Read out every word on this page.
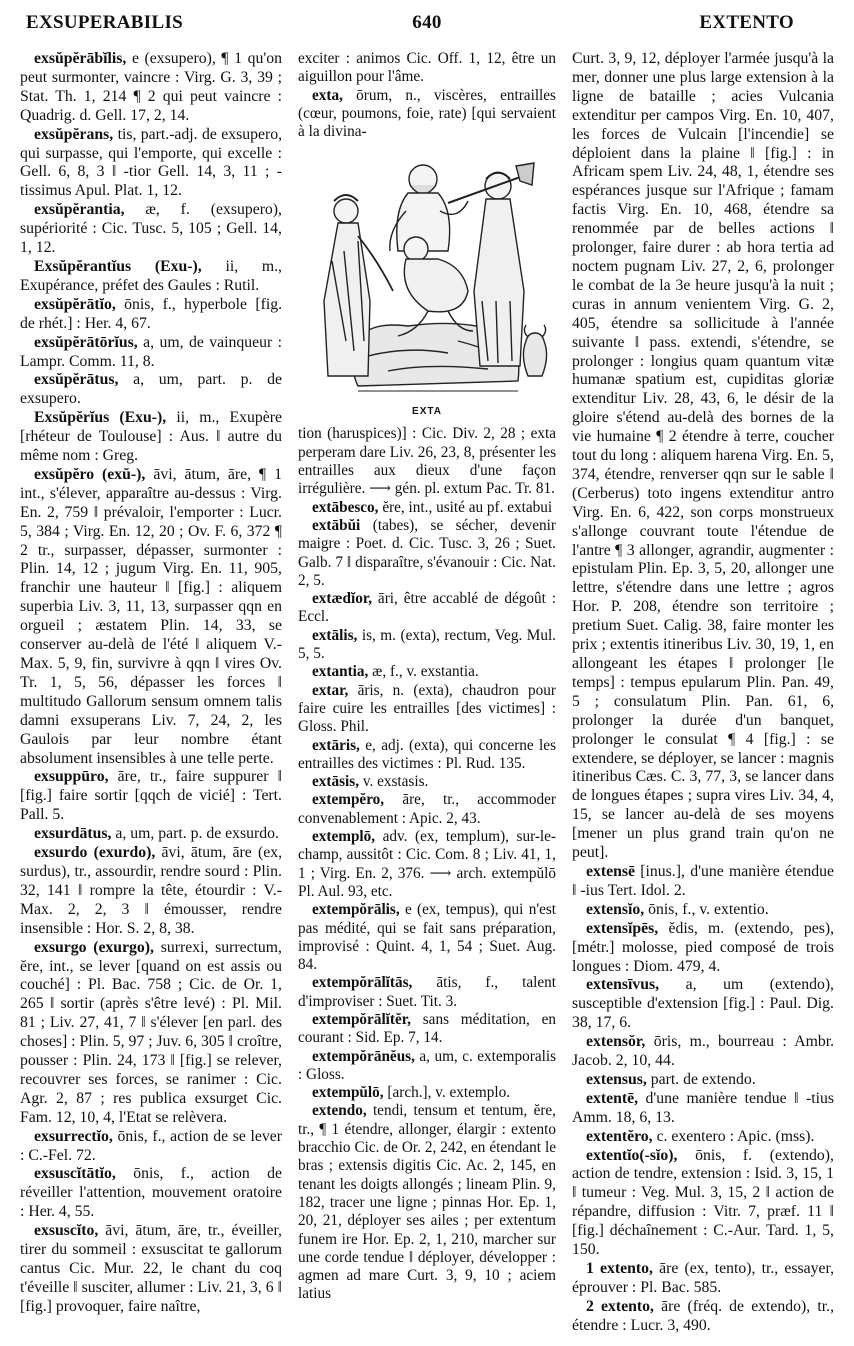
EXSUPERABILIS	640	EXTENTO
exsŭpĕrābĭlis, e (exsupero), ¶ 1 qu'on peut surmonter, vaincre : Virg. G. 3, 39 ; Stat. Th. 1, 214 ¶ 2 qui peut vaincre : Quadrig. d. Gell. 17, 2, 14.
exsŭpĕrans, tis, part.-adj. de exsupero, qui surpasse, qui l'emporte, qui excelle : Gell. 6, 8, 3 ‖ -tior Gell. 14, 3, 11 ; -tissimus Apul. Plat. 1, 12.
exsŭpĕrantia, æ, f. (exsupero), supériorité : Cic. Tusc. 5, 105 ; Gell. 14, 1, 12.
Exsŭpĕrantĭus (Exu-), ii, m., Exupérance, préfet des Gaules : Rutil.
exsŭpĕrātĭo, ōnis, f., hyperbole [fig. de rhét.] : Her. 4, 67.
exsŭpĕrātōrĭus, a, um, de vainqueur : Lampr. Comm. 11, 8.
exsŭpĕrātus, a, um, part. p. de exsupero.
Exsŭpĕrĭus (Exu-), ii, m., Exupère [rhéteur de Toulouse] : Aus. ‖ autre du même nom : Greg.
exsŭpĕro (exŭ-), āvi, ātum, āre, ¶ 1 int., s'élever, apparaître au-dessus : Virg. En. 2, 759 ‖ prévaloir, l'emporter : Lucr. 5, 384 ; Virg. En. 12, 20 ; Ov. F. 6, 372 ¶ 2 tr., surpasser, dépasser, surmonter : Plin. 14, 12 ; jugum Virg. En. 11, 905, franchir une hauteur ‖ [fig.] : aliquem superbia Liv. 3, 11, 13, surpasser qqn en orgueil ; æstatem Plin. 14, 33, se conserver au-delà de l'été ‖ aliquem V.-Max. 5, 9, fin, survivre à qqn ‖ vires Ov. Tr. 1, 5, 56, dépasser les forces ‖ multitudo Gallorum sensum omnem talis damni exsuperans Liv. 7, 24, 2, les Gaulois par leur nombre étant absolument insensibles à une telle perte.
exsuppūro, āre, tr., faire suppurer ‖ [fig.] faire sortir [qqch de vicié] : Tert. Pall. 5.
exsurdātus, a, um, part. p. de exsurdo.
exsurdo (exurdo), āvi, ātum, āre (ex, surdus), tr., assourdir, rendre sourd : Plin. 32, 141 ‖ rompre la tête, étourdir : V.-Max. 2, 2, 3 ‖ émousser, rendre insensible : Hor. S. 2, 8, 38.
exsurgo (exurgo), surrexi, surrectum, ĕre, int., se lever [quand on est assis ou couché] : Pl. Bac. 758 ; Cic. de Or. 1, 265 ‖ sortir (après s'être levé) : Pl. Mil. 81 ; Liv. 27, 41, 7 ‖ s'élever [en parl. des choses] : Plin. 5, 97 ; Juv. 6, 305 ‖ croître, pousser : Plin. 24, 173 ‖ [fig.] se relever, recouvrer ses forces, se ranimer : Cic. Agr. 2, 87 ; res publica exsurget Cic. Fam. 12, 10, 4, l'Etat se relèvera.
exsurrectĭo, ōnis, f., action de se lever : C.-Fel. 72.
exsuscĭtātĭo, ōnis, f., action de réveiller l'attention, mouvement oratoire : Her. 4, 55.
exsuscĭto, āvi, ātum, āre, tr., éveiller, tirer du sommeil : exsuscitat te gallorum cantus Cic. Mur. 22, le chant du coq t'éveille ‖ susciter, allumer : Liv. 21, 3, 6 ‖ [fig.] provoquer, faire naître,
exciter : animos Cic. Off. 1, 12, être un aiguillon pour l'âme.
exta, ōrum, n., viscères, entrailles (cœur, poumons, foie, rate) [qui servaient à la divina-
EXTA
tion (haruspices)] : Cic. Div. 2, 28 ; exta perperam dare Liv. 26, 23, 8, présenter les entrailles aux dieux d'une façon irrégulière. ⟶ gén. pl. extum Pac. Tr. 81.
extābesco, ĕre, int., usité au pf. extabui
extābŭi (tabes), se sécher, devenir maigre : Poet. d. Cic. Tusc. 3, 26 ; Suet. Galb. 7 ‖ disparaître, s'évanouir : Cic. Nat. 2, 5.
extædĭor, āri, être accablé de dégoût : Eccl.
extālis, is, m. (exta), rectum, Veg. Mul. 5, 5.
extantia, æ, f., v. exstantia.
extar, āris, n. (exta), chaudron pour faire cuire les entrailles [des victimes] : Gloss. Phil.
extāris, e, adj. (exta), qui concerne les entrailles des victimes : Pl. Rud. 135.
extāsis, v. exstasis.
extempĕro, āre, tr., accommoder convenablement : Apic. 2, 43.
extemplō, adv. (ex, templum), sur-le-champ, aussitôt : Cic. Com. 8 ; Liv. 41, 1, 1 ; Virg. En. 2, 376. ⟶ arch. extempŭlō Pl. Aul. 93, etc.
extempŏrālis, e (ex, tempus), qui n'est pas médité, qui se fait sans préparation, improvisé : Quint. 4, 1, 54 ; Suet. Aug. 84.
extempŏrālĭtās, ātis, f., talent d'improviser : Suet. Tit. 3.
extempŏrālĭtĕr, sans méditation, en courant : Sid. Ep. 7, 14.
extempŏrānĕus, a, um, c. extemporalis : Gloss.
extempŭlō, [arch.], v. extemplo.
extendo, tendi, tensum et tentum, ĕre, tr., ¶ 1 étendre, allonger, élargir : extento bracchio Cic. de Or. 2, 242, en étendant le bras ; extensis digitis Cic. Ac. 2, 145, en tenant les doigts allongés ; lineam Plin. 9, 182, tracer une ligne ; pinnas Hor. Ep. 1, 20, 21, déployer ses ailes ; per extentum funem ire Hor. Ep. 2, 1, 210, marcher sur une corde tendue ‖ déployer, développer : agmen ad mare Curt. 3, 9, 10 ; aciem latius
Curt. 3, 9, 12, déployer l'armée jusqu'à la mer, donner une plus large extension à la ligne de bataille ; acies Vulcania extenditur per campos Virg. En. 10, 407, les forces de Vulcain [l'incendie] se déploient dans la plaine ‖ [fig.] : in Africam spem Liv. 24, 48, 1, étendre ses espérances jusque sur l'Afrique ; famam factis Virg. En. 10, 468, étendre sa renommée par de belles actions ‖ prolonger, faire durer : ab hora tertia ad noctem pugnam Liv. 27, 2, 6, prolonger le combat de la 3e heure jusqu'à la nuit ; curas in annum venientem Virg. G. 2, 405, étendre sa sollicitude à l'année suivante ‖ pass. extendi, s'étendre, se prolonger : longius quam quantum vitæ humanæ spatium est, cupiditas gloriæ extenditur Liv. 28, 43, 6, le désir de la gloire s'étend au-delà des bornes de la vie humaine ¶ 2 étendre à terre, coucher tout du long : aliquem harena Virg. En. 5, 374, étendre, renverser qqn sur le sable ‖ (Cerberus) toto ingens extenditur antro Virg. En. 6, 422, son corps monstrueux s'allonge couvrant toute l'étendue de l'antre ¶ 3 allonger, agrandir, augmenter : epistulam Plin. Ep. 3, 5, 20, allonger une lettre, s'étendre dans une lettre ; agros Hor. P. 208, étendre son territoire ; pretium Suet. Calig. 38, faire monter les prix ; extentis itineribus Liv. 30, 19, 1, en allongeant les étapes ‖ prolonger [le temps] : tempus epularum Plin. Pan. 49, 5 ; consulatum Plin. Pan. 61, 6, prolonger la durée d'un banquet, prolonger le consulat ¶ 4 [fig.] : se extendere, se déployer, se lancer : magnis itineribus Cæs. C. 3, 77, 3, se lancer dans de longues étapes ; supra vires Liv. 34, 4, 15, se lancer au-delà de ses moyens [mener un plus grand train qu'on ne peut].
extensē [inus.], d'une manière étendue ‖ -ius Tert. Idol. 2.
extensĭo, ōnis, f., v. extentio.
extensĭpēs, ĕdis, m. (extendo, pes), [métr.] molosse, pied composé de trois longues : Diom. 479, 4.
extensīvus, a, um (extendo), susceptible d'extension [fig.] : Paul. Dig. 38, 17, 6.
extensŏr, ōris, m., bourreau : Ambr. Jacob. 2, 10, 44.
extensus, part. de extendo.
extentē, d'une manière tendue ‖ -tius Amm. 18, 6, 13.
extentĕro, c. exentero : Apic. (mss).
extentĭo(-sĭo), ōnis, f. (extendo), action de tendre, extension : Isid. 3, 15, 1 ‖ tumeur : Veg. Mul. 3, 15, 2 ‖ action de répandre, diffusion : Vitr. 7, præf. 11 ‖ [fig.] déchaînement : C.-Aur. Tard. 1, 5, 150.
1 extento, āre (ex, tento), tr., essayer, éprouver : Pl. Bac. 585.
2 extento, āre (fréq. de extendo), tr., étendre : Lucr. 3, 490.
